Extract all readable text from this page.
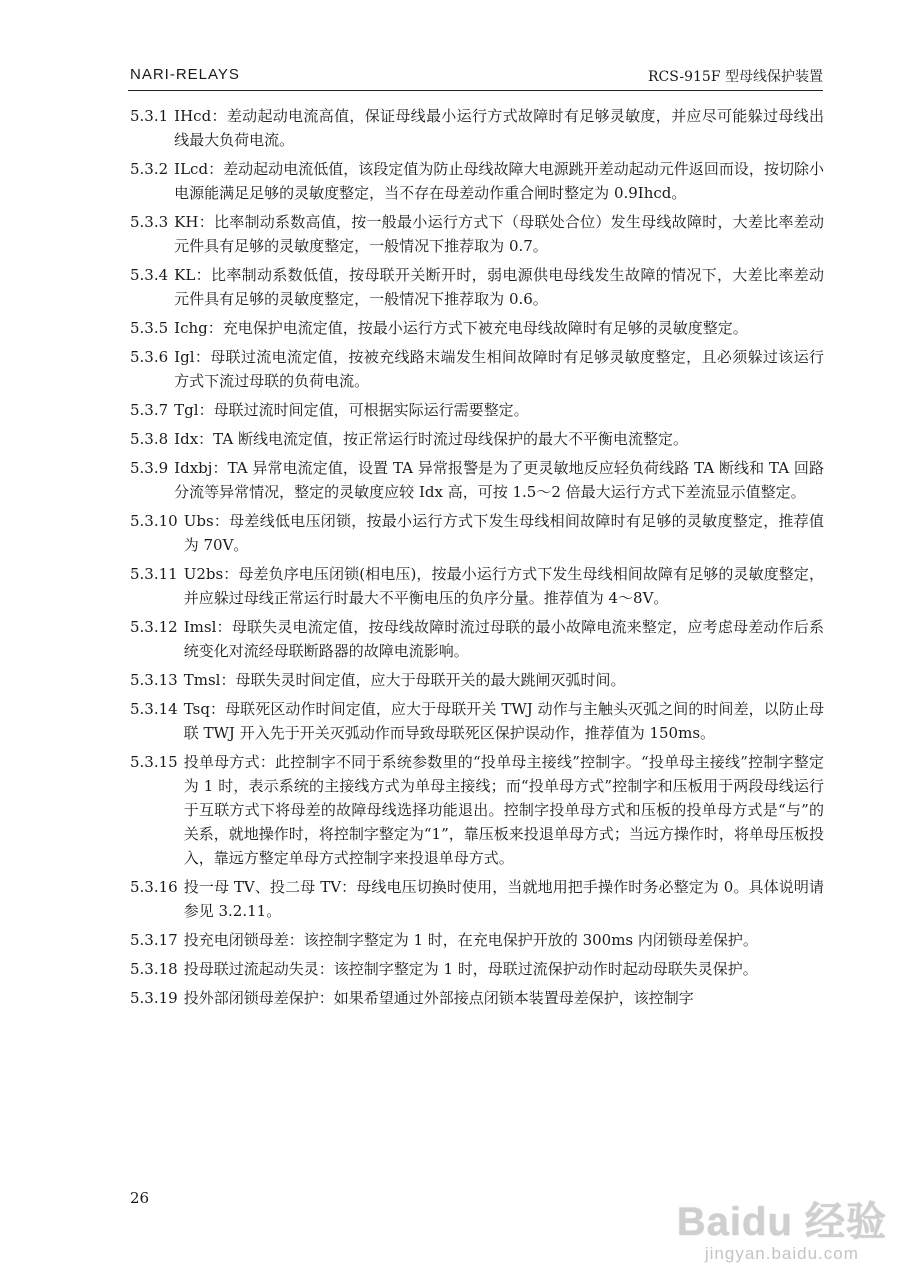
NARI-RELAYS	RCS-915F 型母线保护装置
5.3.1 IHcd：差动起动电流高值，保证母线最小运行方式故障时有足够灵敏度，并应尽可能躲过母线出线最大负荷电流。
5.3.2 ILcd：差动起动电流低值，该段定值为防止母线故障大电源跳开差动起动元件返回而设，按切除小电源能满足足够的灵敏度整定，当不存在母差动作重合闸时整定为 0.9Ihcd。
5.3.3 KH：比率制动系数高值，按一般最小运行方式下（母联处合位）发生母线故障时，大差比率差动元件具有足够的灵敏度整定，一般情况下推荐取为 0.7。
5.3.4 KL：比率制动系数低值，按母联开关断开时，弱电源供电母线发生故障的情况下，大差比率差动元件具有足够的灵敏度整定，一般情况下推荐取为 0.6。
5.3.5 Ichg：充电保护电流定值，按最小运行方式下被充电母线故障时有足够的灵敏度整定。
5.3.6 Igl：母联过流电流定值，按被充线路末端发生相间故障时有足够灵敏度整定，且必须躲过该运行方式下流过母联的负荷电流。
5.3.7 Tgl：母联过流时间定值，可根据实际运行需要整定。
5.3.8 Idx：TA 断线电流定值，按正常运行时流过母线保护的最大不平衡电流整定。
5.3.9 Idxbj：TA 异常电流定值，设置 TA 异常报警是为了更灵敏地反应轻负荷线路 TA 断线和 TA 回路分流等异常情况，整定的灵敏度应较 Idx 高，可按 1.5～2 倍最大运行方式下差流显示值整定。
5.3.10 Ubs：母差线低电压闭锁，按最小运行方式下发生母线相间故障时有足够的灵敏度整定，推荐值为 70V。
5.3.11 U2bs：母差负序电压闭锁(相电压)，按最小运行方式下发生母线相间故障有足够的灵敏度整定，并应躲过母线正常运行时最大不平衡电压的负序分量。推荐值为 4～8V。
5.3.12 Imsl：母联失灵电流定值，按母线故障时流过母联的最小故障电流来整定，应考虑母差动作后系统变化对流经母联断路器的故障电流影响。
5.3.13 Tmsl：母联失灵时间定值，应大于母联开关的最大跳闸灭弧时间。
5.3.14 Tsq：母联死区动作时间定值，应大于母联开关 TWJ 动作与主触头灭弧之间的时间差，以防止母联 TWJ 开入先于开关灭弧动作而导致母联死区保护误动作，推荐值为 150ms。
5.3.15 投单母方式：此控制字不同于系统参数里的“投单母主接线”控制字。“投单母主接线”控制字整定为 1 时，表示系统的主接线方式为单母主接线；而“投单母方式”控制字和压板用于两段母线运行于互联方式下将母差的故障母线选择功能退出。控制字投单母方式和压板的投单母方式是“与”的关系，就地操作时，将控制字整定为“1”，靠压板来投退单母方式；当远方操作时，将单母压板投入，靠远方整定单母方式控制字来投退单母方式。
5.3.16 投一母 TV、投二母 TV：母线电压切换时使用，当就地用把手操作时务必整定为 0。具体说明请参见 3.2.11。
5.3.17 投充电闭锁母差：该控制字整定为 1 时，在充电保护开放的 300ms 内闭锁母差保护。
5.3.18 投母联过流起动失灵：该控制字整定为 1 时，母联过流保护动作时起动母联失灵保护。
5.3.19 投外部闭锁母差保护：如果希望通过外部接点闭锁本装置母差保护，该控制字
26
Baidu 经验
jingyan.baidu.com
